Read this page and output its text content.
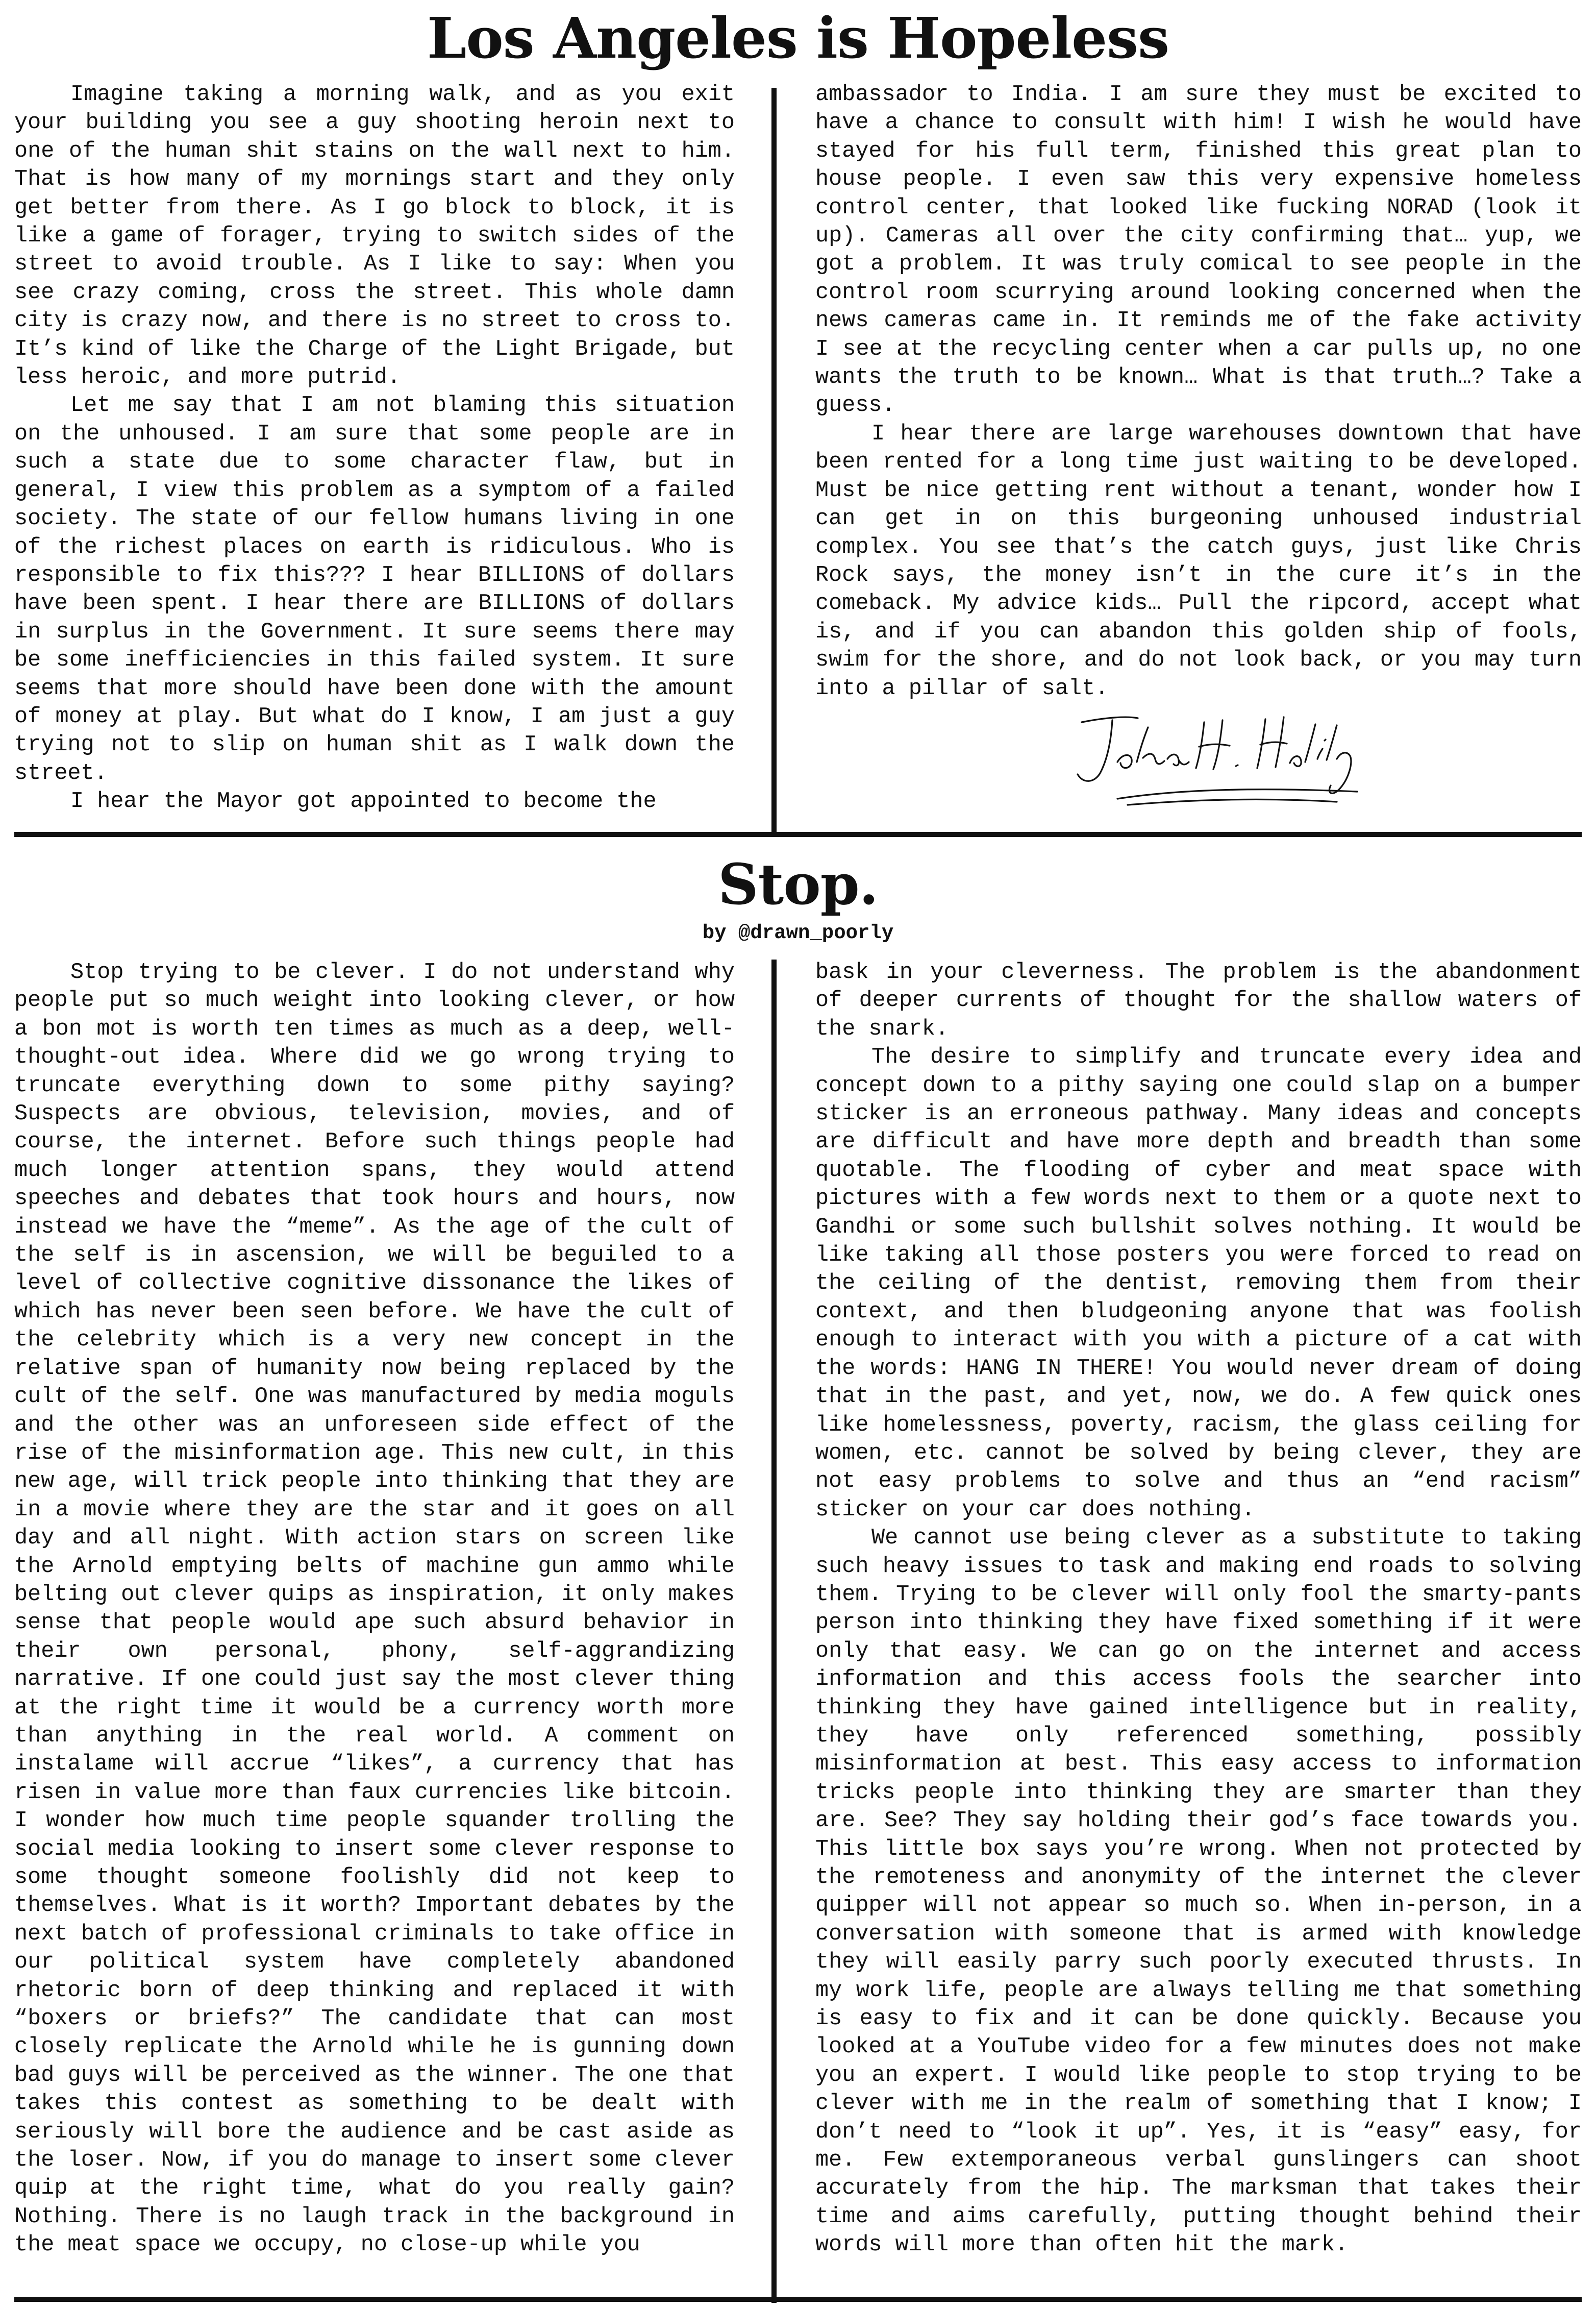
Los Angeles is Hopeless

Imagine taking a morning walk, and as you exit your building you see a guy shooting heroin next to one of the human shit stains on the wall next to him. That is how many of my mornings start and they only get better from there. As I go block to block, it is like a game of forager, trying to switch sides of the street to avoid trouble. As I like to say: When you see crazy coming, cross the street. This whole damn city is crazy now, and there is no street to cross to. It’s kind of like the Charge of the Light Brigade, but less heroic, and more putrid.

Let me say that I am not blaming this situation on the unhoused. I am sure that some people are in such a state due to some character flaw, but in general, I view this problem as a symptom of a failed society. The state of our fellow humans living in one of the richest places on earth is ridiculous. Who is responsible to fix this??? I hear BILLIONS of dollars have been spent. I hear there are BILLIONS of dollars in surplus in the Government. It sure seems there may be some inefficiencies in this failed system. It sure seems that more should have been done with the amount of money at play. But what do I know, I am just a guy trying not to slip on human shit as I walk down the street.

I hear the Mayor got appointed to become the

ambassador to India. I am sure they must be excited to have a chance to consult with him! I wish he would have stayed for his full term, finished this great plan to house people. I even saw this very expensive homeless control center, that looked like fucking NORAD (look it up). Cameras all over the city confirming that… yup, we got a problem. It was truly comical to see people in the control room scurrying around looking concerned when the news cameras came in. It reminds me of the fake activity I see at the recycling center when a car pulls up, no one wants the truth to be known… What is that truth…? Take a guess.

I hear there are large warehouses downtown that have been rented for a long time just waiting to be developed. Must be nice getting rent without a tenant, wonder how I can get in on this burgeoning unhoused industrial complex. You see that’s the catch guys, just like Chris Rock says, the money isn’t in the cure it’s in the comeback. My advice kids… Pull the ripcord, accept what is, and if you can abandon this golden ship of fools, swim for the shore, and do not look back, or you may turn into a pillar of salt.

Stop.
by @drawn_poorly

Stop trying to be clever. I do not understand why people put so much weight into looking clever, or how a bon mot is worth ten times as much as a deep, well-thought-out idea. Where did we go wrong trying to truncate everything down to some pithy saying? Suspects are obvious, television, movies, and of course, the internet. Before such things people had much longer attention spans, they would attend speeches and debates that took hours and hours, now instead we have the “meme”. As the age of the cult of the self is in ascension, we will be beguiled to a level of collective cognitive dissonance the likes of which has never been seen before. We have the cult of the celebrity which is a very new concept in the relative span of humanity now being replaced by the cult of the self. One was manufactured by media moguls and the other was an unforeseen side effect of the rise of the misinformation age. This new cult, in this new age, will trick people into thinking that they are in a movie where they are the star and it goes on all day and all night. With action stars on screen like the Arnold emptying belts of machine gun ammo while belting out clever quips as inspiration, it only makes sense that people would ape such absurd behavior in their own personal, phony, self-aggrandizing narrative. If one could just say the most clever thing at the right time it would be a currency worth more than anything in the real world. A comment on instalame will accrue “likes”, a currency that has risen in value more than faux currencies like bitcoin. I wonder how much time people squander trolling the social media looking to insert some clever response to some thought someone foolishly did not keep to themselves. What is it worth? Important debates by the next batch of professional criminals to take office in our political system have completely abandoned rhetoric born of deep thinking and replaced it with “boxers or briefs?” The candidate that can most closely replicate the Arnold while he is gunning down bad guys will be perceived as the winner. The one that takes this contest as something to be dealt with seriously will bore the audience and be cast aside as the loser. Now, if you do manage to insert some clever quip at the right time, what do you really gain? Nothing. There is no laugh track in the background in the meat space we occupy, no close-up while you

bask in your cleverness. The problem is the abandonment of deeper currents of thought for the shallow waters of the snark.

The desire to simplify and truncate every idea and concept down to a pithy saying one could slap on a bumper sticker is an erroneous pathway. Many ideas and concepts are difficult and have more depth and breadth than some quotable. The flooding of cyber and meat space with pictures with a few words next to them or a quote next to Gandhi or some such bullshit solves nothing. It would be like taking all those posters you were forced to read on the ceiling of the dentist, removing them from their context, and then bludgeoning anyone that was foolish enough to interact with you with a picture of a cat with the words: HANG IN THERE! You would never dream of doing that in the past, and yet, now, we do. A few quick ones like homelessness, poverty, racism, the glass ceiling for women, etc. cannot be solved by being clever, they are not easy problems to solve and thus an “end racism” sticker on your car does nothing.

We cannot use being clever as a substitute to taking such heavy issues to task and making end roads to solving them. Trying to be clever will only fool the smarty-pants person into thinking they have fixed something if it were only that easy. We can go on the internet and access information and this access fools the searcher into thinking they have gained intelligence but in reality, they have only referenced something, possibly misinformation at best. This easy access to information tricks people into thinking they are smarter than they are. See? They say holding their god’s face towards you. This little box says you’re wrong. When not protected by the remoteness and anonymity of the internet the clever quipper will not appear so much so. When in-person, in a conversation with someone that is armed with knowledge they will easily parry such poorly executed thrusts. In my work life, people are always telling me that something is easy to fix and it can be done quickly. Because you looked at a YouTube video for a few minutes does not make you an expert. I would like people to stop trying to be clever with me in the realm of something that I know; I don’t need to “look it up”. Yes, it is “easy” easy, for me. Few extemporaneous verbal gunslingers can shoot accurately from the hip. The marksman that takes their time and aims carefully, putting thought behind their words will more than often hit the mark.
